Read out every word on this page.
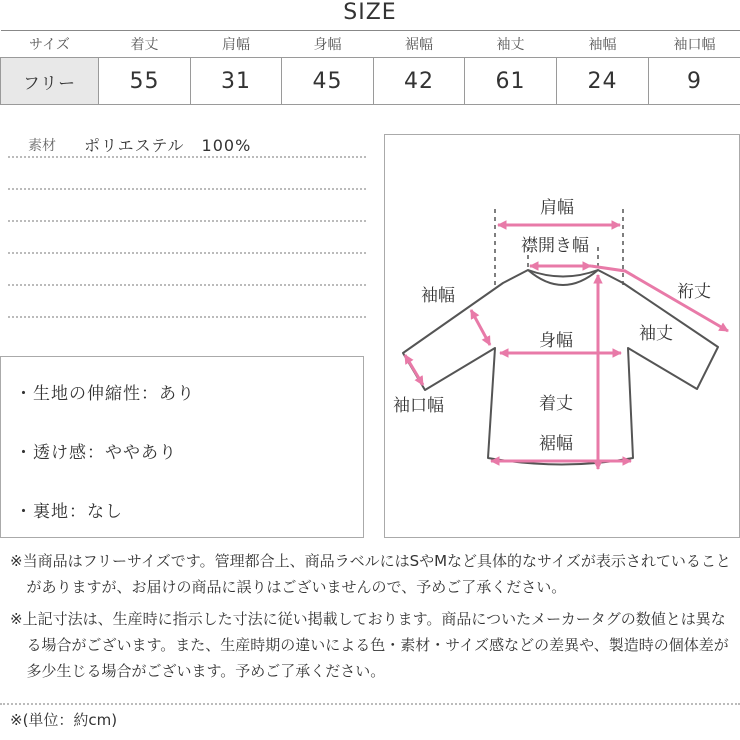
SIZE
サイズ	着丈	肩幅	身幅	裾幅	袖丈	袖幅	袖口幅
フリー	55	31	45	42	61	24	9
素材 ポリエステル　100%
・生地の伸縮性：あり
・透け感：ややあり
・裏地：なし
肩幅
襟開き幅
裄丈
袖幅
袖丈
身幅
袖口幅	着丈
裾幅
※当商品はフリーサイズです。管理都合上、商品ラベルにはSやMなど具体的なサイズが表示されていることがありますが、お届けの商品に誤りはございませんので、予めご了承ください。
※上記寸法は、生産時に指示した寸法に従い掲載しております。商品についたメーカータグの数値とは異なる場合がございます。また、生産時期の違いによる色・素材・サイズ感などの差異や、製造時の個体差が多少生じる場合がございます。予めご了承ください。
※(単位：約cm)
